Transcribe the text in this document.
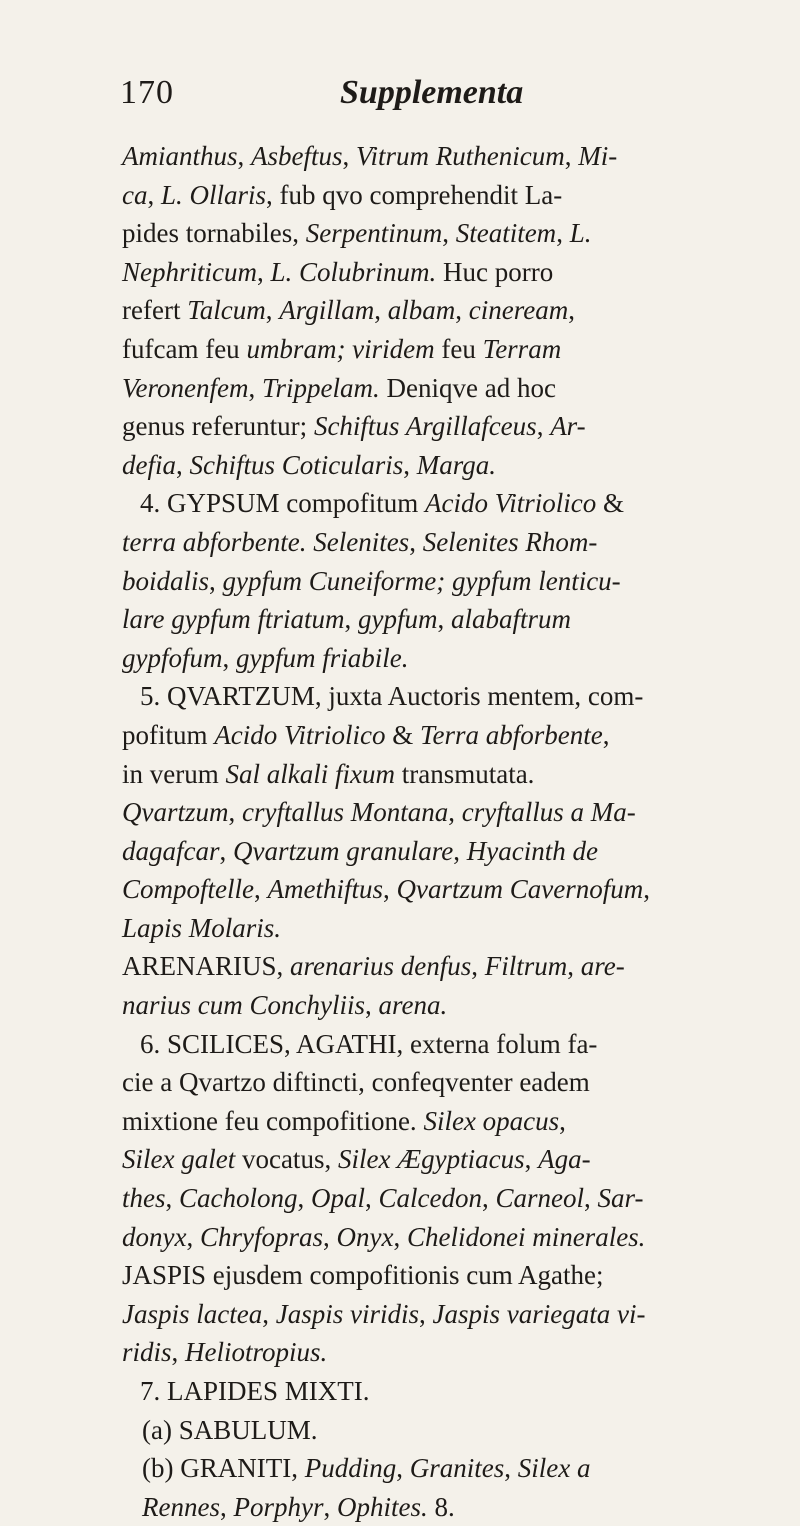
170	Supplementa
Amianthus, Asbeftus, Vitrum Ruthenicum, Mi-
ca, L. Ollaris, fub qvo comprehendit La-
pides tornabiles, Serpentinum, Steatitem, L.
Nephriticum, L. Colubrinum. Huc porro
refert Talcum, Argillam, albam, cineream,
fufcam feu umbram; viridem feu Terram
Veronenfem, Trippelam. Deniqve ad hoc
genus referuntur; Schiftus Argillafceus, Ar-
defia, Schiftus Coticularis, Marga.
4. GYPSUM compofitum Acido Vitriolico &
terra abforbente. Selenites, Selenites Rhom-
boidalis, gypfum Cuneiforme; gypfum lenticu-
lare gypfum ftriatum, gypfum, alabaftrum
gypfofum, gypfum friabile.
5. QVARTZUM, juxta Auctoris mentem, com-
pofitum Acido Vitriolico & Terra abforbente,
in verum Sal alkali fixum transmutata.
Qvartzum, cryftallus Montana, cryftallus a Ma-
dagafcar, Qvartzum granulare, Hyacinth de
Compoftelle, Amethiftus, Qvartzum Cavernofum,
Lapis Molaris.
ARENARIUS, arenarius denfus, Filtrum, are-
narius cum Conchyliis, arena.
6. SCILICES, AGATHI, externa folum fa-
cie a Qvartzo diftincti, confeqventer eadem
mixtione feu compofitione. Silex opacus,
Silex galet vocatus, Silex Ægyptiacus, Aga-
thes, Cacholong, Opal, Calcedon, Carneol, Sar-
donyx, Chryfopras, Onyx, Chelidonei minerales.
JASPIS ejusdem compofitionis cum Agathe;
Jaspis lactea, Jaspis viridis, Jaspis variegata vi-
ridis, Heliotropius.
7. LAPIDES MIXTI.
(a) SABULUM.
(b) GRANITI, Pudding, Granites, Silex a
Rennes, Porphyr, Ophites. 8.
